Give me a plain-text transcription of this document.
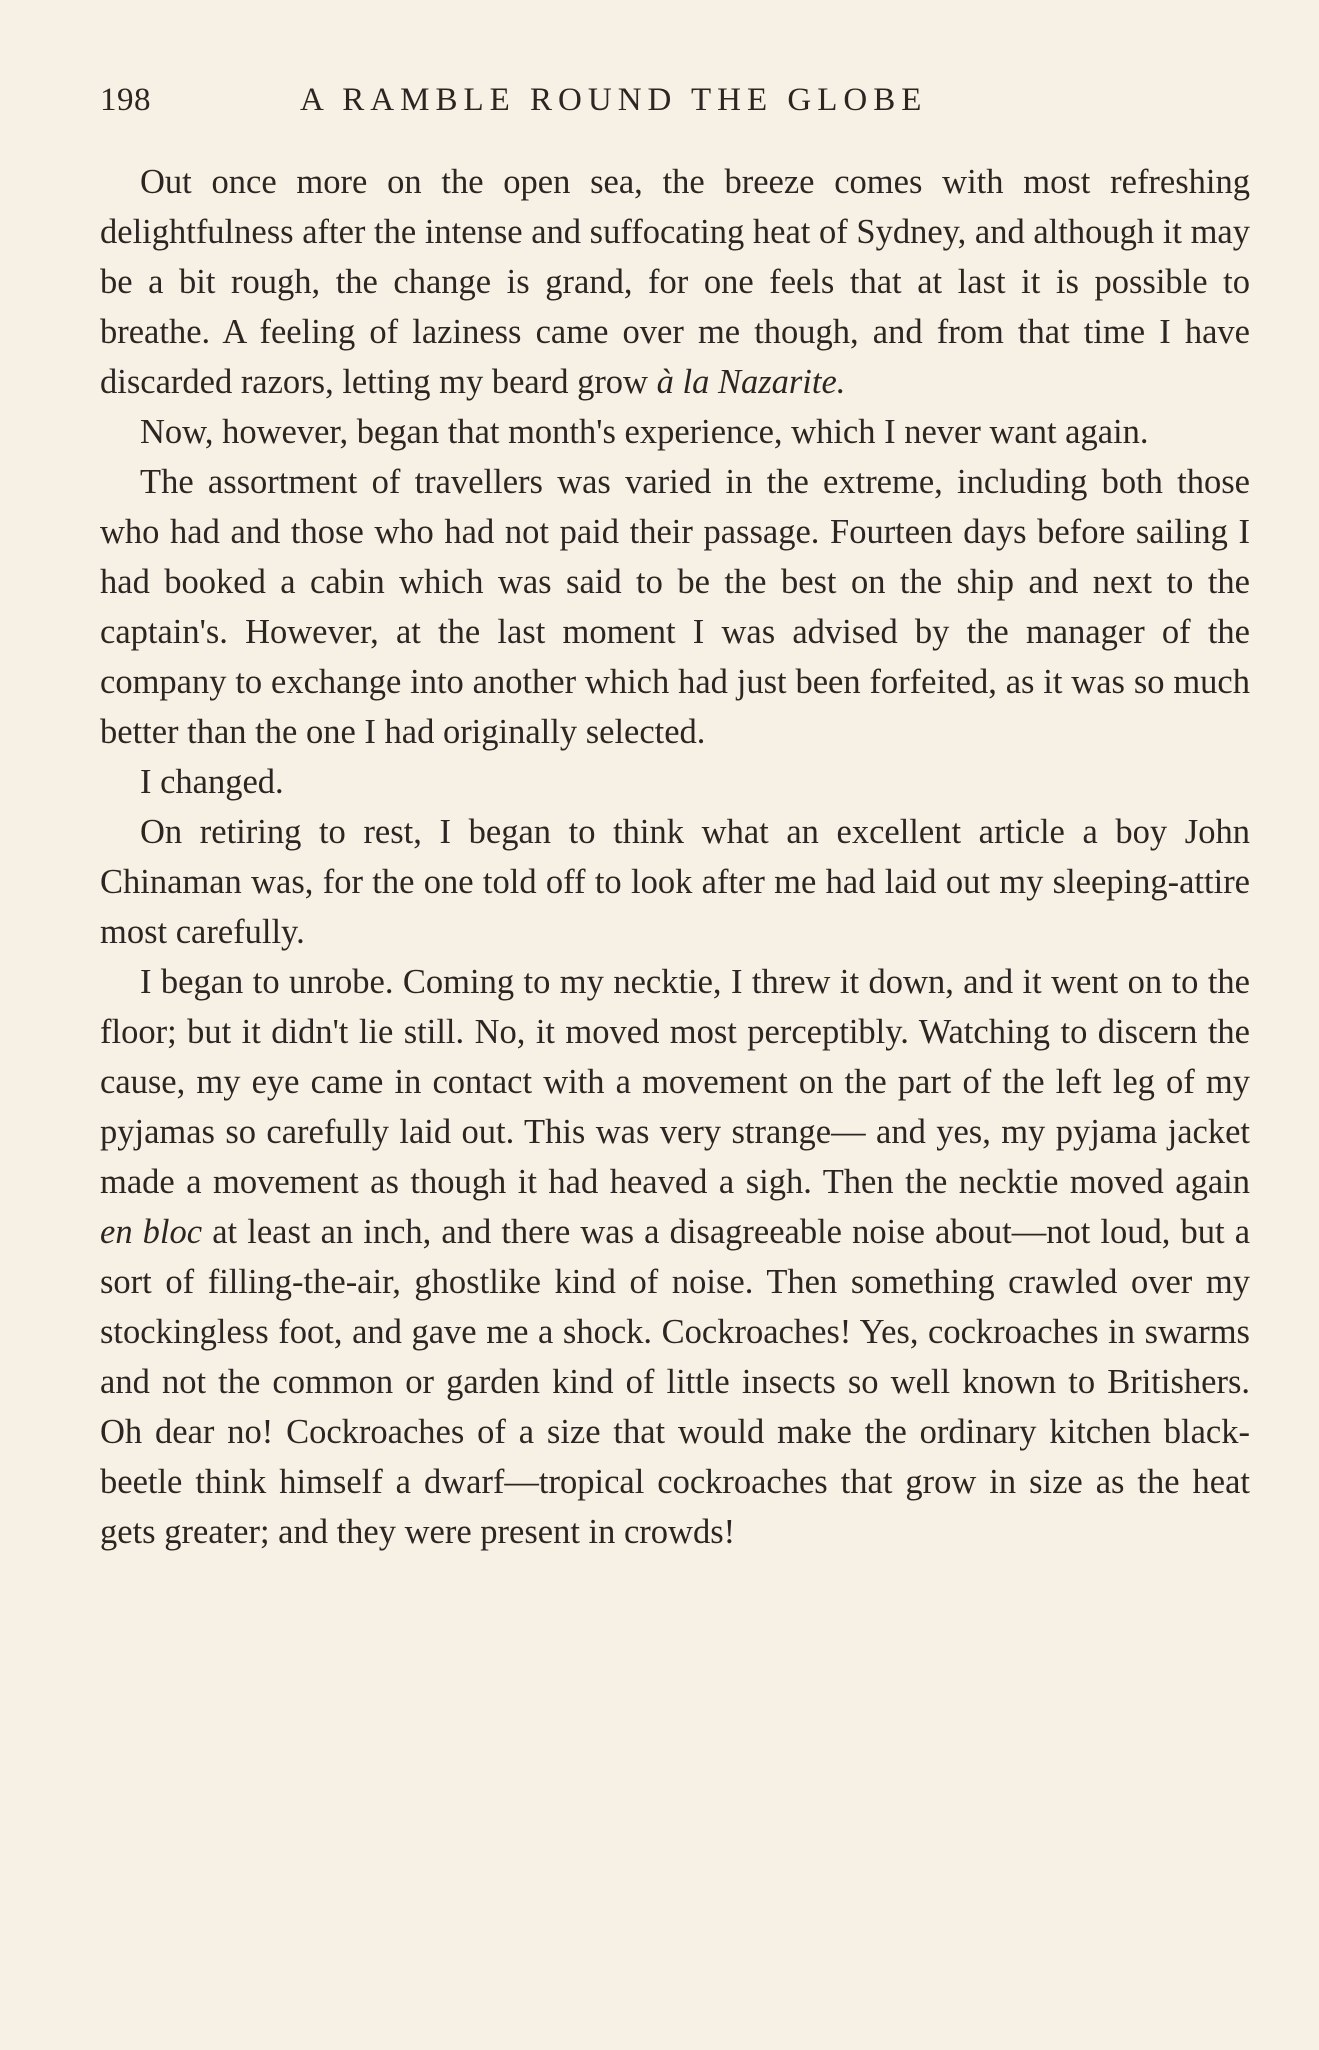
198	A RAMBLE ROUND THE GLOBE

Out once more on the open sea, the breeze comes with most refreshing delightfulness after the intense and suffocating heat of Sydney, and although it may be a bit rough, the change is grand, for one feels that at last it is possible to breathe. A feeling of laziness came over me though, and from that time I have discarded razors, letting my beard grow à la Nazarite.

Now, however, began that month's experience, which I never want again.

The assortment of travellers was varied in the extreme, including both those who had and those who had not paid their passage. Fourteen days before sailing I had booked a cabin which was said to be the best on the ship and next to the captain's. However, at the last moment I was advised by the manager of the company to exchange into another which had just been forfeited, as it was so much better than the one I had originally selected.

I changed.

On retiring to rest, I began to think what an excellent article a boy John Chinaman was, for the one told off to look after me had laid out my sleeping-attire most carefully.

I began to unrobe. Coming to my necktie, I threw it down, and it went on to the floor; but it didn't lie still. No, it moved most perceptibly. Watching to discern the cause, my eye came in contact with a movement on the part of the left leg of my pyjamas so carefully laid out. This was very strange— and yes, my pyjama jacket made a movement as though it had heaved a sigh. Then the necktie moved again en bloc at least an inch, and there was a disagreeable noise about—not loud, but a sort of filling-the-air, ghostlike kind of noise. Then something crawled over my stockingless foot, and gave me a shock. Cockroaches! Yes, cockroaches in swarms and not the common or garden kind of little insects so well known to Britishers. Oh dear no! Cockroaches of a size that would make the ordinary kitchen black-beetle think himself a dwarf—tropical cockroaches that grow in size as the heat gets greater; and they were present in crowds!
